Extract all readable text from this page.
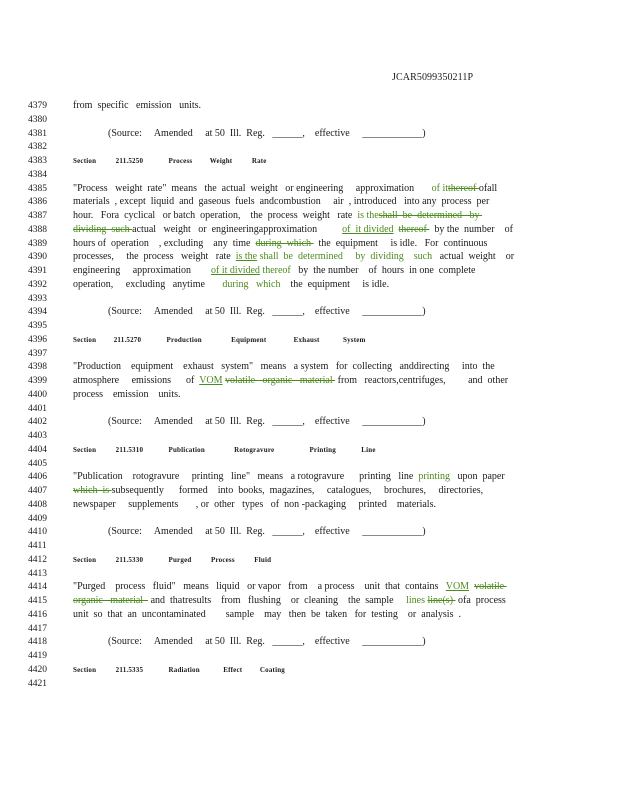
JCAR5099350211P
4379	from  specific   emission   units.
4380
4381	(Source:     Amended     at 50  Ill.  Reg.   ______,    effective     ____________)
4382
4383	Section          211.5250             Process         Weight          Rate
4384
4385	"Process   weight  rate"  means   the  actual  weight   or engineering     approximation       of itthereof ofall
4386	materials  , except  liquid  and  gaseous  fuels  andcombustion     air  , introduced   into any  process  per
4387	hour.   Fora  cyclical   or batch  operation,    the  process  weight   rate  is theshall  be  determined   by
4388	dividing  such actual   weight   or  engineeringapproximation          of  it divided thereof   by the  number    of
4389	hours of  operation    , excluding    any  time  during  which   the  equipment     is idle.   For  continuous
4390	processes,     the  process   weight   rate  is the shall  be  determined     by  dividing    such   actual  weight    or
4391	engineering     approximation        of it divided thereof   by  the number    of  hours  in one  complete
4392	operation,     excluding   anytime       during   which    the  equipment     is idle.
4393
4394	(Source:     Amended     at 50  Ill.  Reg.   ______,    effective     ____________)
4395
4396	Section         211.5270             Production               Equipment              Exhaust            System
4397
4398	"Production    equipment    exhaust   system"   means   a system   for  collecting   anddirecting     into  the
4399	atmosphere     emissions      of  VOM volatile   organic   material  from   reactors,centrifuges,         and  other
4400	process    emission    units.
4401
4402	(Source:     Amended     at 50  Ill.  Reg.   ______,    effective     ____________)
4403
4404	Section          211.5310             Publication               Rotogravure                  Printing             Line
4405
4406	"Publication    rotogravure     printing   line"   means   a rotogravure      printing   line  printing   upon  paper
4407	which  is subsequently      formed    into  books,  magazines,     catalogues,     brochures,     directories,
4408	newspaper     supplements       , or  other   types   of  non -packaging     printed    materials.
4409
4410	(Source:     Amended     at 50  Ill.  Reg.   ______,    effective     ____________)
4411
4412	Section          211.5330             Purged          Process          Fluid
4413
4414	"Purged    process   fluid"   means   liquid   or vapor   from    a process    unit  that  contains   VOM volatile
4415	organic   material   and  thatresults    from   flushing    or  cleaning    the  sample     lines line(s)  ofa  process
4416	unit  so  that  an  uncontaminated        sample    may   then  be  taken   for  testing    or  analysis  .
4417
4418	(Source:     Amended     at 50  Ill.  Reg.   ______,    effective     ____________)
4419
4420	Section          211.5335             Radiation            Effect         Coating
4421
